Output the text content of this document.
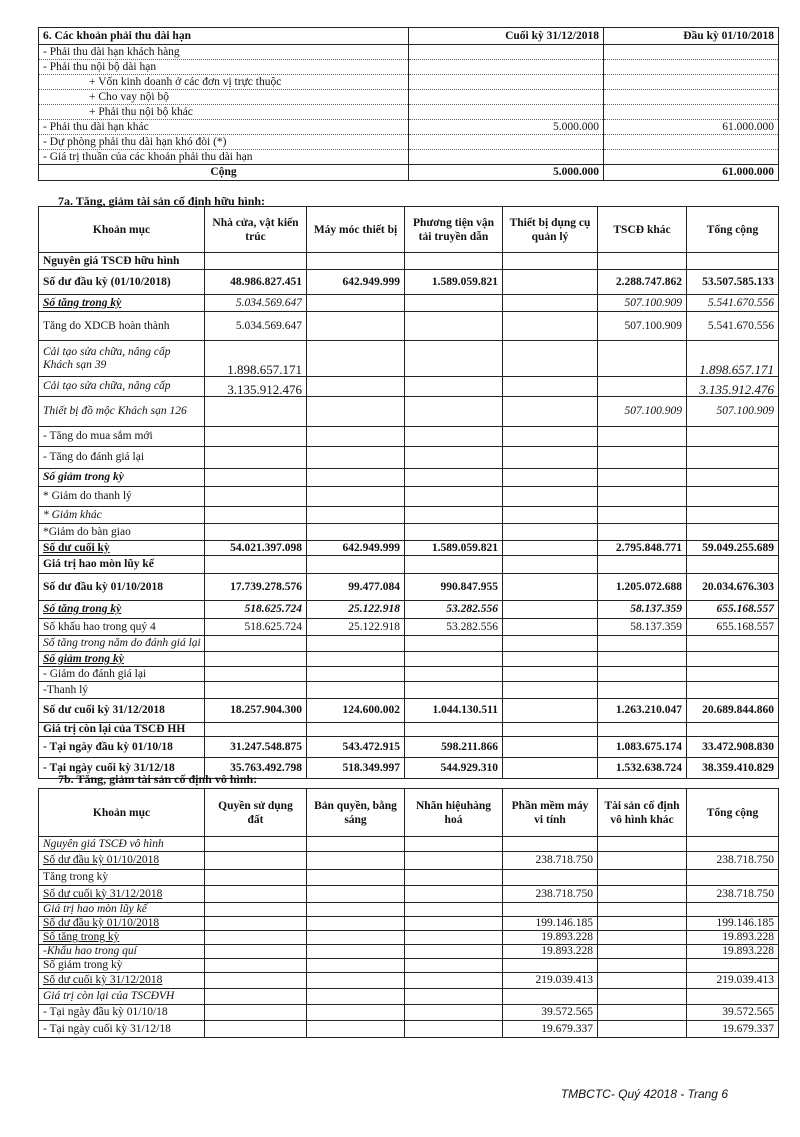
6. Các khoản phải thu dài hạn	Cuối kỳ 31/12/2018	Đầu kỳ 01/10/2018
- Phải thu dài hạn khách hàng		
- Phải thu nội bộ dài hạn		
+ Vốn kinh doanh ở các đơn vị trực thuộc		
+ Cho vay nội bộ		
+ Phải thu nội bộ khác		
- Phải thu dài hạn khác	5.000.000	61.000.000
- Dự phòng phải thu dài hạn khó đòi (*)		
- Giá trị thuần của các khoản phải thu dài hạn		
Cộng	5.000.000	61.000.000
7a. Tăng, giảm tài sản cố định hữu hình:
Khoản mục	Nhà cửa, vật kiến trúc	Máy móc thiết bị	Phương tiện vận tải truyền dẫn	Thiết bị dụng cụ quản lý	TSCĐ khác	Tổng cộng
Nguyên giá TSCĐ hữu hình						
Số dư đầu kỳ (01/10/2018)	48.986.827.451	642.949.999	1.589.059.821		2.288.747.862	53.507.585.133
Số tăng trong kỳ	5.034.569.647				507.100.909	5.541.670.556
Tăng do XDCB hoàn thành	5.034.569.647				507.100.909	5.541.670.556

Cải tạo sửa chữa, nâng cấp
Khách sạn 39	1.898.657.171					1.898.657.171
Cải tạo sửa chữa, nâng cấp	3.135.912.476					3.135.912.476
Thiết bị đồ mộc Khách sạn 126					507.100.909	507.100.909
- Tăng do mua sắm mới						
- Tăng do đánh giá lại						
Số giảm trong kỳ						
* Giảm do thanh lý						
* Giảm khác						
*Giảm do bàn giao						
Số dư cuối kỳ	54.021.397.098	642.949.999	1.589.059.821		2.795.848.771	59.049.255.689
Giá trị hao mòn lũy kế						
Số dư đầu kỳ 01/10/2018	17.739.278.576	99.477.084	990.847.955		1.205.072.688	20.034.676.303
Số tăng trong kỳ	518.625.724	25.122.918	53.282.556		58.137.359	655.168.557
Số khấu hao trong quý 4	518.625.724	25.122.918	53.282.556		58.137.359	655.168.557
Số tăng trong năm do đánh giá lại						
Số giảm trong kỳ						
- Giảm do đánh giá lại						
-Thanh lý						
Số dư cuối kỳ 31/12/2018	18.257.904.300	124.600.002	1.044.130.511		1.263.210.047	20.689.844.860
Giá trị còn lại của TSCĐ HH						
- Tại ngày đầu kỳ 01/10/18	31.247.548.875	543.472.915	598.211.866		1.083.675.174	33.472.908.830
- Tại ngày cuối kỳ 31/12/18	35.763.492.798	518.349.997	544.929.310		1.532.638.724	38.359.410.829
7b. Tăng, giảm tài sản cố định vô hình:
Khoản mục	Quyền sử dụng đất	Bản quyền, bằng sáng	Nhãn hiệuhàng hoá	Phần mềm máy vi tính	Tài sản cố định vô hình khác	Tổng cộng
Nguyên giá TSCĐ vô hình						
Số dư đầu kỳ 01/10/2018				238.718.750		238.718.750
Tăng trong kỳ						
Số dư cuối kỳ 31/12/2018				238.718.750		238.718.750
Giá trị hao mòn lũy kế						
Số dư đầu kỳ 01/10/2018				199.146.185		199.146.185
Số tăng trong kỳ				19.893.228		19.893.228
-Khấu hao trong quí				19.893.228		19.893.228
Số giảm trong kỳ						
Số dư cuối kỳ 31/12/2018				219.039.413		219.039.413
Giá trị còn lại của TSCĐVH						
- Tại ngày đầu kỳ 01/10/18				39.572.565		39.572.565
- Tại ngày cuối kỳ 31/12/18				19.679.337		19.679.337
TMBCTC- Quý 42018 - Trang 6
